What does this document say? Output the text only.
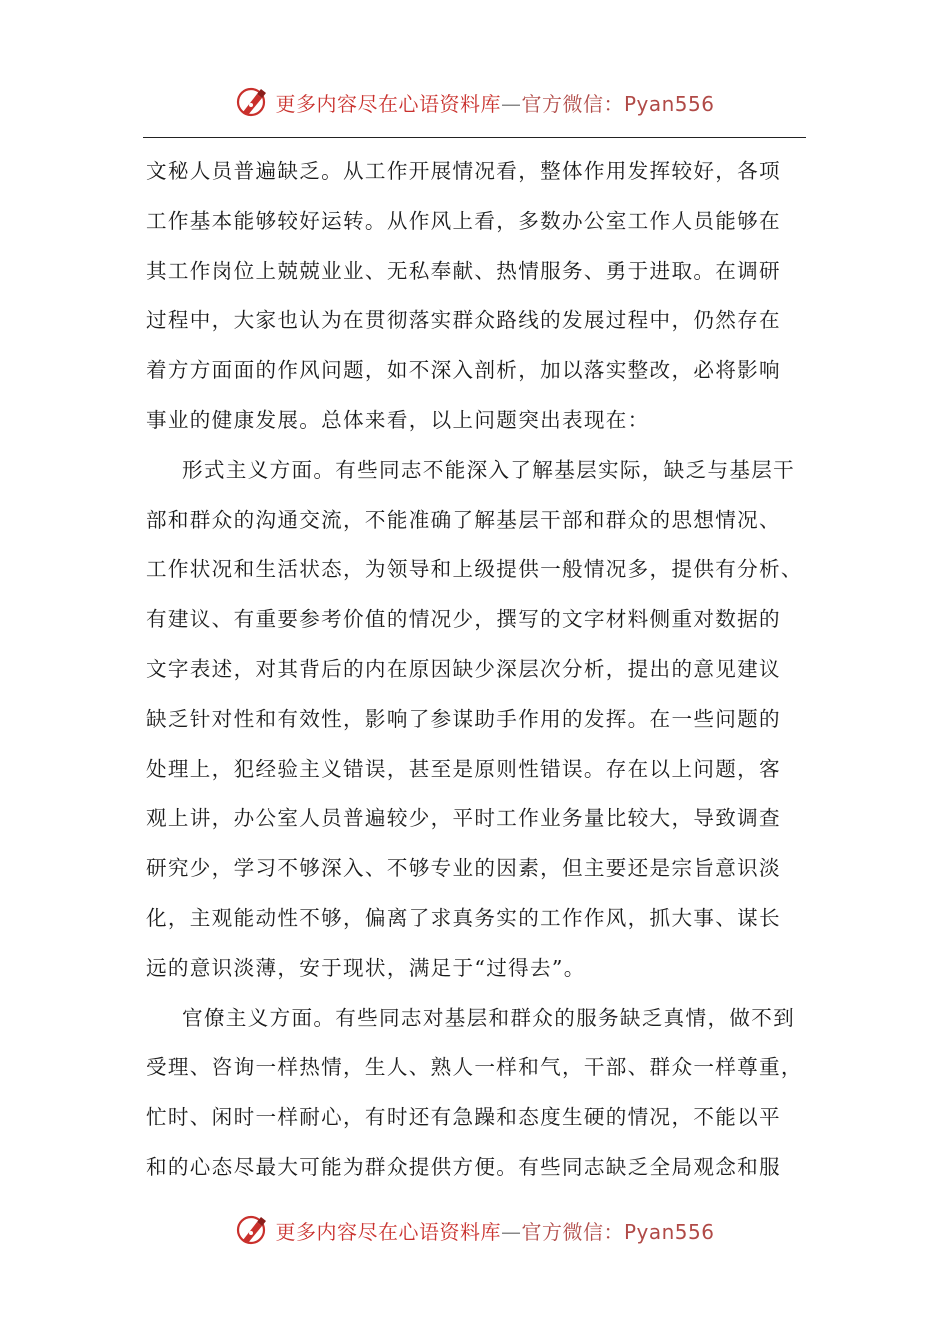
更多内容尽在心语资料库—官方微信：Pyan556
文秘人员普遍缺乏。从工作开展情况看，整体作用发挥较好，各项
工作基本能够较好运转。从作风上看，多数办公室工作人员能够在
其工作岗位上兢兢业业、无私奉献、热情服务、勇于进取。在调研
过程中，大家也认为在贯彻落实群众路线的发展过程中，仍然存在
着方方面面的作风问题，如不深入剖析，加以落实整改，必将影响
事业的健康发展。总体来看，以上问题突出表现在：
形式主义方面。有些同志不能深入了解基层实际，缺乏与基层干
部和群众的沟通交流，不能准确了解基层干部和群众的思想情况、
工作状况和生活状态，为领导和上级提供一般情况多，提供有分析、
有建议、有重要参考价值的情况少，撰写的文字材料侧重对数据的
文字表述，对其背后的内在原因缺少深层次分析，提出的意见建议
缺乏针对性和有效性，影响了参谋助手作用的发挥。在一些问题的
处理上，犯经验主义错误，甚至是原则性错误。存在以上问题，客
观上讲，办公室人员普遍较少，平时工作业务量比较大，导致调查
研究少，学习不够深入、不够专业的因素，但主要还是宗旨意识淡
化，主观能动性不够，偏离了求真务实的工作作风，抓大事、谋长
远的意识淡薄，安于现状，满足于“过得去”。
官僚主义方面。有些同志对基层和群众的服务缺乏真情，做不到
受理、咨询一样热情，生人、熟人一样和气，干部、群众一样尊重，
忙时、闲时一样耐心，有时还有急躁和态度生硬的情况，不能以平
和的心态尽最大可能为群众提供方便。有些同志缺乏全局观念和服
更多内容尽在心语资料库—官方微信：Pyan556
